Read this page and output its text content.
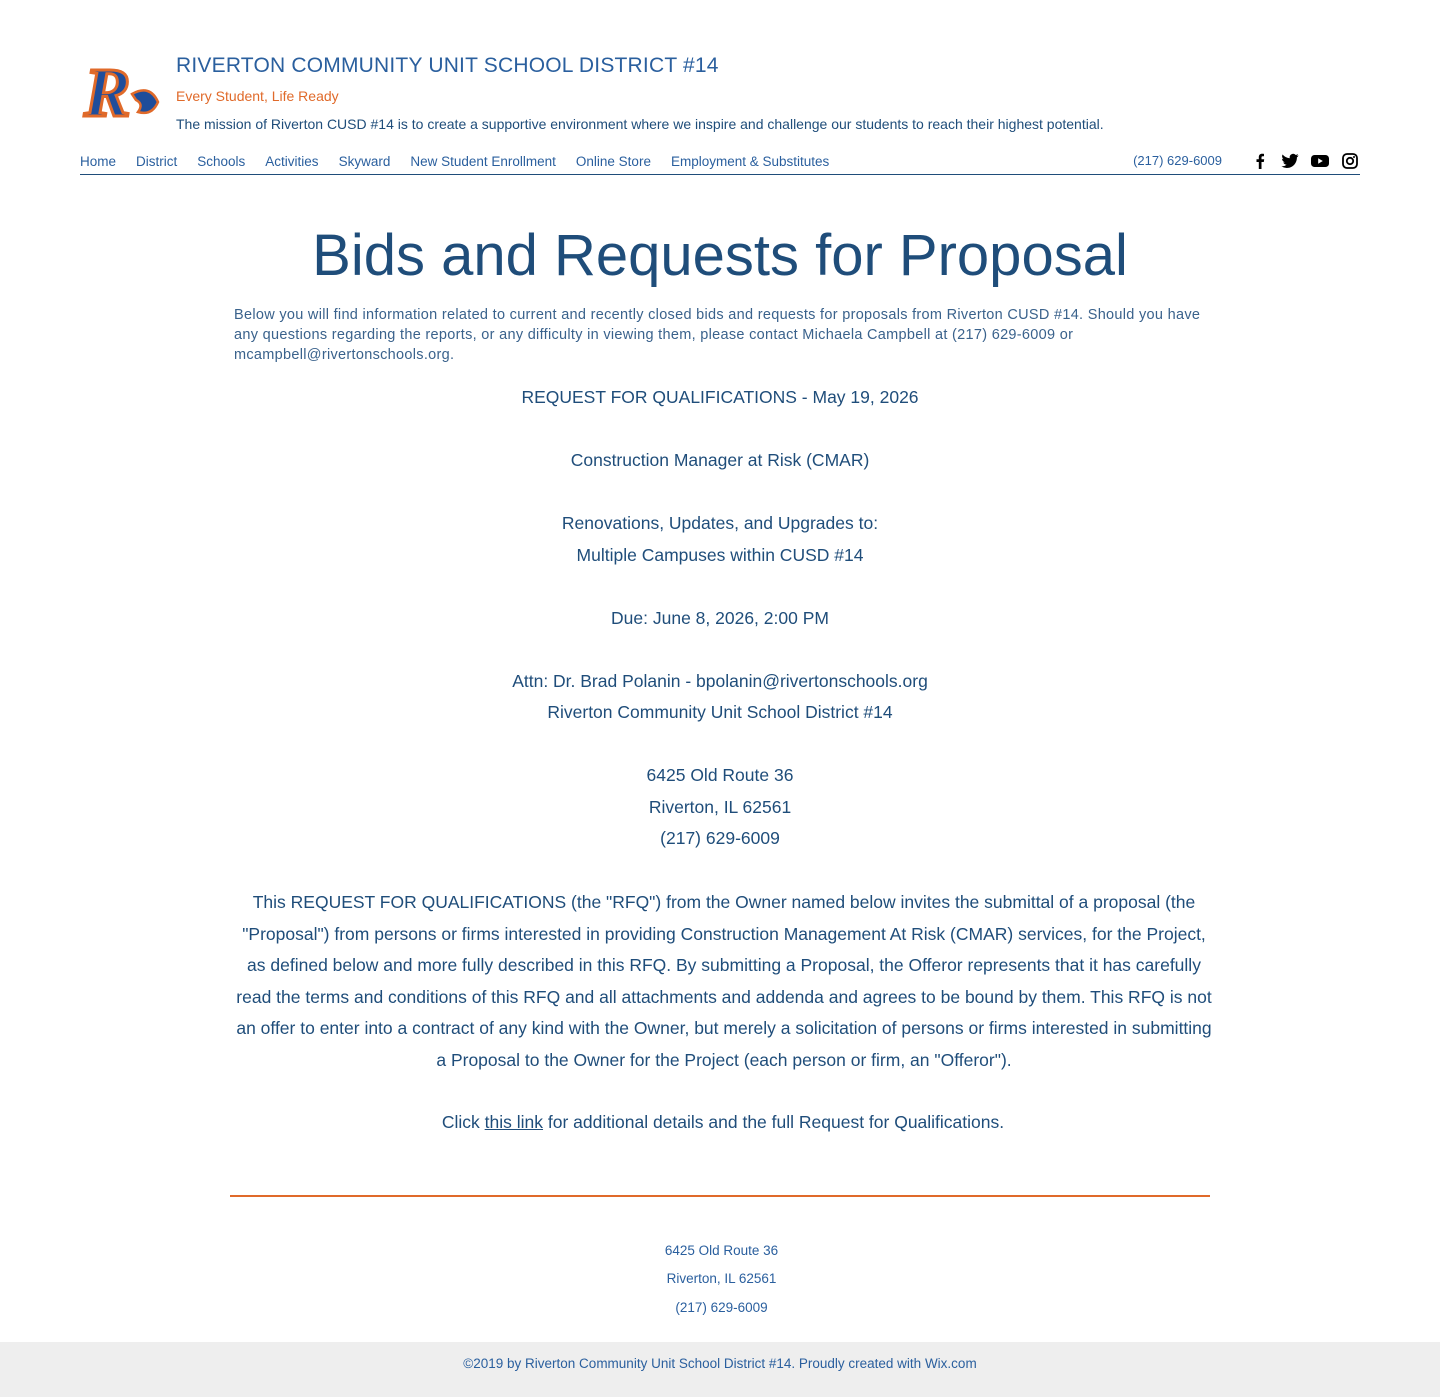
R RIVERTON COMMUNITY UNIT SCHOOL DISTRICT #14
Every Student, Life Ready
The mission of Riverton CUSD #14 is to create a supportive environment where we inspire and challenge our students to reach their highest potential.
Home District Schools Activities Skyward New Student Enrollment Online Store Employment & Substitutes	(217) 629-6009
Bids and Requests for Proposal
Below you will find information related to current and recently closed bids and requests for proposals from Riverton CUSD #14. Should you have any questions regarding the reports, or any difficulty in viewing them, please contact Michaela Campbell at (217) 629-6009 or mcampbell@rivertonschools.org.
REQUEST FOR QUALIFICATIONS - May 19, 2026
Construction Manager at Risk (CMAR)
Renovations, Updates, and Upgrades to:
Multiple Campuses within CUSD #14
Due: June 8, 2026, 2:00 PM
Attn: Dr. Brad Polanin - bpolanin@rivertonschools.org
Riverton Community Unit School District #14
6425 Old Route 36
Riverton, IL 62561
(217) 629-6009
This REQUEST FOR QUALIFICATIONS (the "RFQ") from the Owner named below invites the submittal of a proposal (the "Proposal") from persons or firms interested in providing Construction Management At Risk (CMAR) services, for the Project, as defined below and more fully described in this RFQ. By submitting a Proposal, the Offeror represents that it has carefully read the terms and conditions of this RFQ and all attachments and addenda and agrees to be bound by them. This RFQ is not an offer to enter into a contract of any kind with the Owner, but merely a solicitation of persons or firms interested in submitting a Proposal to the Owner for the Project (each person or firm, an "Offeror").
Click this link for additional details and the full Request for Qualifications.
6425 Old Route 36
Riverton, IL 62561
(217) 629-6009
©2019 by Riverton Community Unit School District #14. Proudly created with Wix.com
